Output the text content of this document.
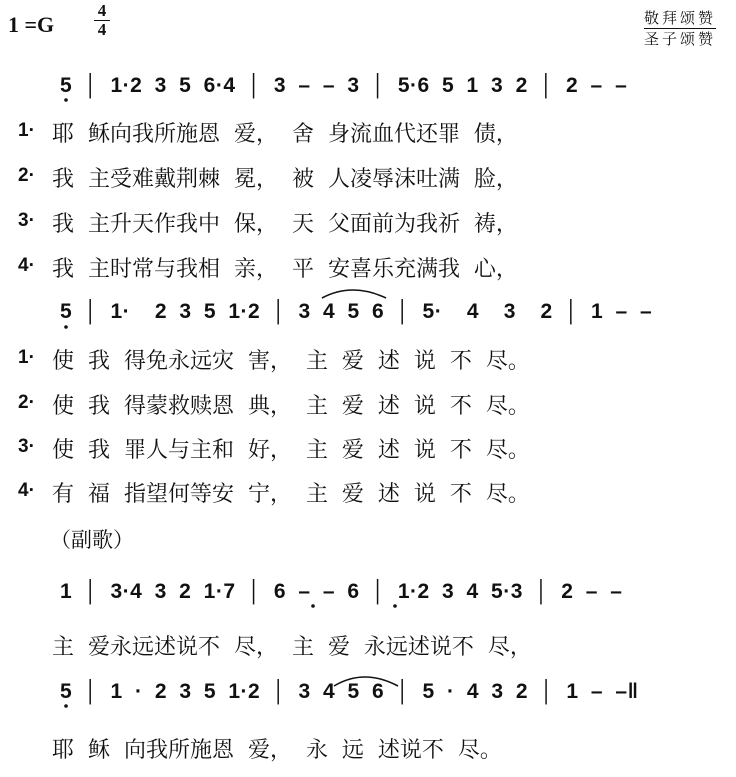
1 =G
4
4
敬拜颂赞
圣子颂赞
5 │ 1·2 3 5 6·4 │ 3 – – 3 │ 5·6 5 1 3 2 │ 2 – –
1· 耶  稣向我所施恩  爱，  舍  身流血代还罪  债，
2· 我  主受难戴荆棘  冕，  被  人凌辱沫吐满  脸，
3· 我  主升天作我中  保，  天  父面前为我祈  祷，
4· 我  主时常与我相  亲，  平  安喜乐充满我  心，
5 │ 1·  2 3 5 1·2 │ 3 4 5 6 │ 5·  4  3  2 │ 1 – –
1· 使  我  得免永远灾  害，  主  爱  述  说  不  尽。
2· 使  我  得蒙救赎恩  典，  主  爱  述  说  不  尽。
3· 使  我  罪人与主和  好，  主  爱  述  说  不  尽。
4· 有  福  指望何等安  宁，  主  爱  述  说  不  尽。
（副歌）
1 │ 3·4 3 2 1·7 │ 6 – – 6 │ 1·2 3 4 5·3 │ 2 – –
主  爱永远述说不  尽，  主  爱  永远述说不  尽，
5 │ 1 · 2 3 5 1·2 │ 3 4 5 6 │ 5 · 4 3 2 │ 1 – –‖
耶  稣  向我所施恩  爱，  永  远  述说不  尽。
